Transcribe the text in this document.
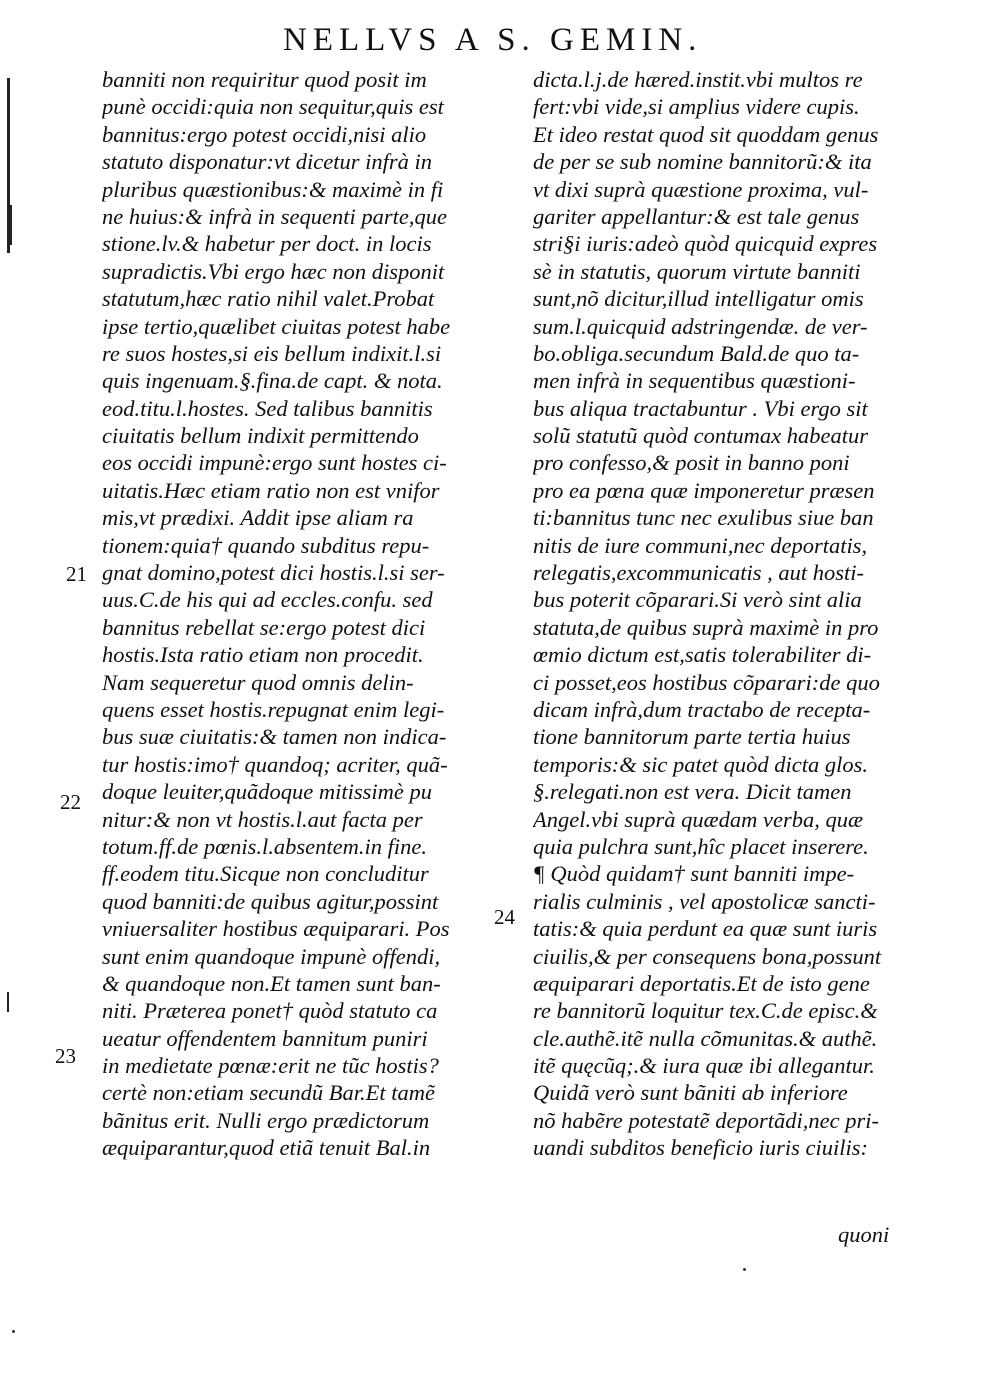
NELLVS A S. GEMIN.
21
22
23
24
banniti non requiritur quod posit im
punè occidi:quia non sequitur,quis est
bannitus:ergo potest occidi,nisi alio
statuto disponatur:vt dicetur infrà in
pluribus quæstionibus:& maximè in fi
ne huius:& infrà in sequenti parte,que
stione.lv.& habetur per doct. in locis
supradictis.Vbi ergo hæc non disponit
statutum,hæc ratio nihil valet.Probat
ipse tertio,quælibet ciuitas potest habe
re suos hostes,si eis bellum indixit.l.si
quis ingenuam.§.fina.de capt. & nota.
eod.titu.l.hostes. Sed talibus bannitis
ciuitatis bellum indixit permittendo
eos occidi impunè:ergo sunt hostes ci-
uitatis.Hæc etiam ratio non est vnifor
mis,vt prædixi. Addit ipse aliam ra
tionem:quia† quando subditus repu-
gnat domino,potest dici hostis.l.si ser-
uus.C.de his qui ad eccles.confu. sed
bannitus rebellat se:ergo potest dici
hostis.Ista ratio etiam non procedit.
Nam sequeretur quod omnis delin-
quens esset hostis.repugnat enim legi-
bus suæ ciuitatis:& tamen non indica-
tur hostis:imo† quandoq; acriter, quã-
doque leuiter,quãdoque mitissimè pu
nitur:& non vt hostis.l.aut facta per
totum.ff.de pœnis.l.absentem.in fine.
ff.eodem titu.Sicque non concluditur
quod banniti:de quibus agitur,possint
vniuersaliter hostibus æquiparari. Pos
sunt enim quandoque impunè offendi,
& quandoque non.Et tamen sunt ban-
niti. Præterea ponet† quòd statuto ca
ueatur offendentem bannitum puniri
in medietate pœnæ:erit ne tũc hostis?
certè non:etiam secundũ Bar.Et tamẽ
bãnitus erit. Nulli ergo prædictorum
æquiparantur,quod etiã tenuit Bal.in
dicta.l.j.de hæred.instit.vbi multos re
fert:vbi vide,si amplius videre cupis.
Et ideo restat quod sit quoddam genus
de per se sub nomine bannitorũ:& ita
vt dixi suprà quæstione proxima, vul-
gariter appellantur:& est tale genus
stri§i iuris:adeò quòd quicquid expres
sè in statutis, quorum virtute banniti
sunt,nõ dicitur,illud intelligatur omis
sum.l.quicquid adstringendæ. de ver-
bo.obliga.secundum Bald.de quo ta-
men infrà in sequentibus quæstioni-
bus aliqua tractabuntur . Vbi ergo sit
solũ statutũ quòd contumax habeatur
pro confesso,& posit in banno poni
pro ea pœna quæ imponeretur præsen
ti:bannitus tunc nec exulibus siue ban
nitis de iure communi,nec deportatis,
relegatis,excommunicatis , aut hosti-
bus poterit cõparari.Si verò sint alia
statuta,de quibus suprà maximè in pro
œmio dictum est,satis tolerabiliter di-
ci posset,eos hostibus cõparari:de quo
dicam infrà,dum tractabo de recepta-
tione bannitorum parte tertia huius
temporis:& sic patet quòd dicta glos.
§.relegati.non est vera. Dicit tamen
Angel.vbi suprà quædam verba, quæ
quia pulchra sunt,hîc placet inserere.
¶ Quòd quidam† sunt banniti impe-
rialis culminis , vel apostolicæ sancti-
tatis:& quia perdunt ea quæ sunt iuris
ciuilis,& per consequens bona,possunt
æquiparari deportatis.Et de isto gene
re bannitorũ loquitur tex.C.de episc.&
cle.authẽ.itẽ nulla cõmunitas.& authẽ.
itẽ quęcũq;.& iura quæ ibi allegantur.
Quidã verò sunt bãniti ab inferiore
nõ habẽre potestatẽ deportãdi,nec pri-
uandi subditos beneficio iuris ciuilis:
quoni
